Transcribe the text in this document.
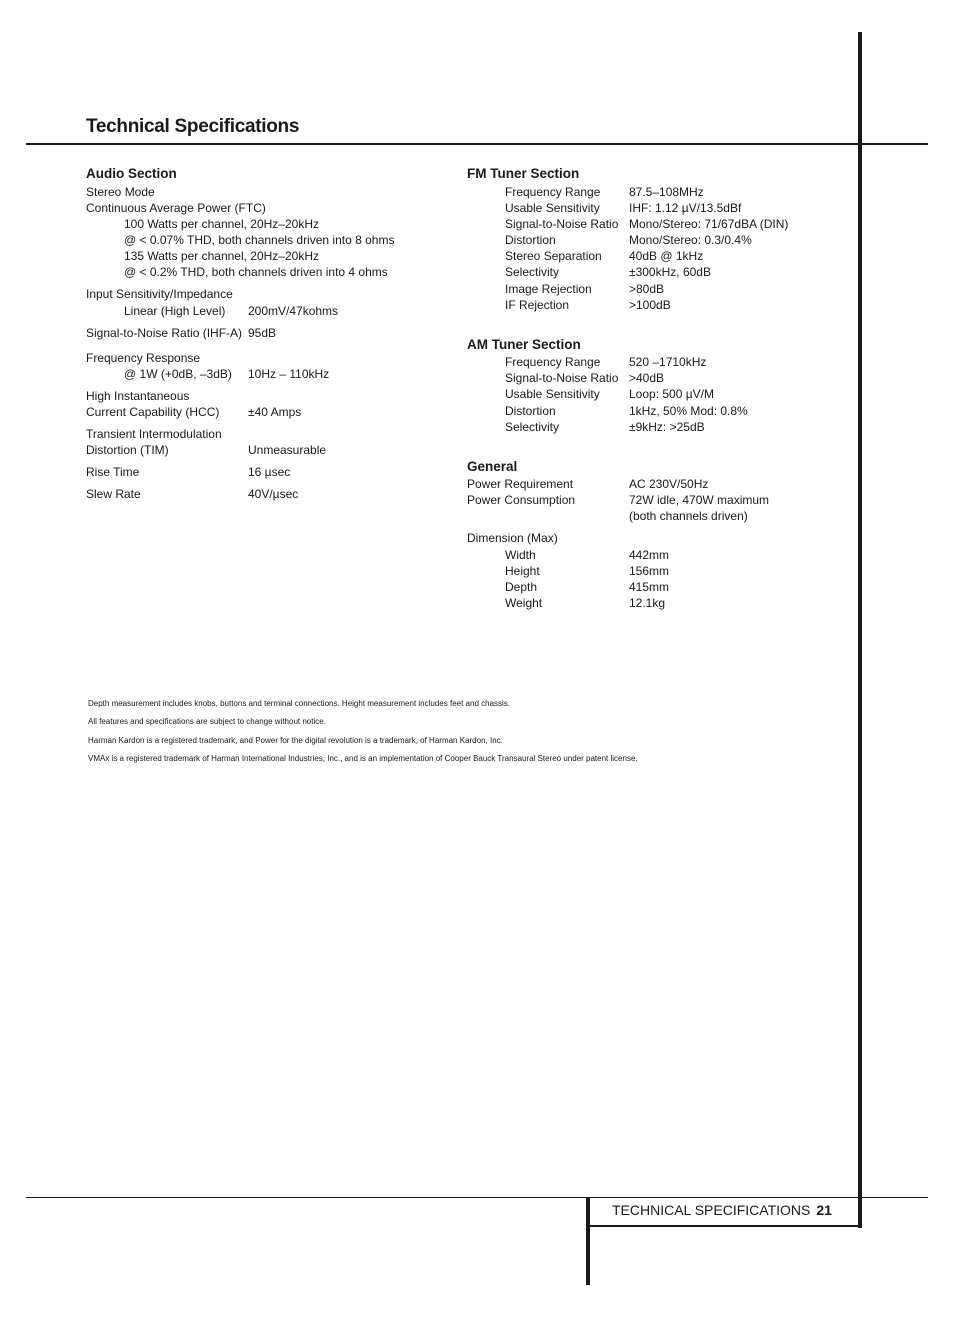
Technical Specifications
Audio Section
Stereo Mode
Continuous Average Power (FTC)
100 Watts per channel, 20Hz–20kHz
@ < 0.07% THD, both channels driven into 8 ohms
135 Watts per channel, 20Hz–20kHz
@ < 0.2% THD, both channels driven into 4 ohms
Input Sensitivity/Impedance
Linear (High Level) 200mV/47kohms
Signal-to-Noise Ratio (IHF-A) 95dB
Frequency Response
@ 1W (+0dB, –3dB) 10Hz – 110kHz
High Instantaneous
Current Capability (HCC) ±40 Amps
Transient Intermodulation
Distortion (TIM)	Unmeasurable
Rise Time	16 µsec
Slew Rate	40V/µsec
FM Tuner Section
Frequency Range 87.5–108MHz
Usable Sensitivity IHF: 1.12 µV/13.5dBf
Signal-to-Noise Ratio Mono/Stereo: 71/67dBA (DIN)
Distortion	Mono/Stereo: 0.3/0.4%
Stereo Separation 40dB @ 1kHz
Selectivity	±300kHz, 60dB
Image Rejection	>80dB
IF Rejection	>100dB
AM Tuner Section
Frequency Range 520 –1710kHz
Signal-to-Noise Ratio >40dB
Usable Sensitivity Loop: 500 µV/M
Distortion	1kHz, 50% Mod: 0.8%
Selectivity	±9kHz: >25dB
General
Power Requirement	AC 230V/50Hz
Power Consumption	72W idle, 470W maximum
(both channels driven)
Dimension (Max)
Width	442mm
Height	156mm
Depth	415mm
Weight	12.1kg
Depth measurement includes knobs, buttons and terminal connections. Height measurement includes feet and chassis.
All features and specifications are subject to change without notice.
Harman Kardon is a registered trademark, and Power for the digital revolution is a trademark, of Harman Kardon, Inc.
VMAx is a registered trademark of Harman International Industries, Inc., and is an implementation of Cooper Bauck Transaural Stereo under patent license.
TECHNICAL SPECIFICATIONS 21
